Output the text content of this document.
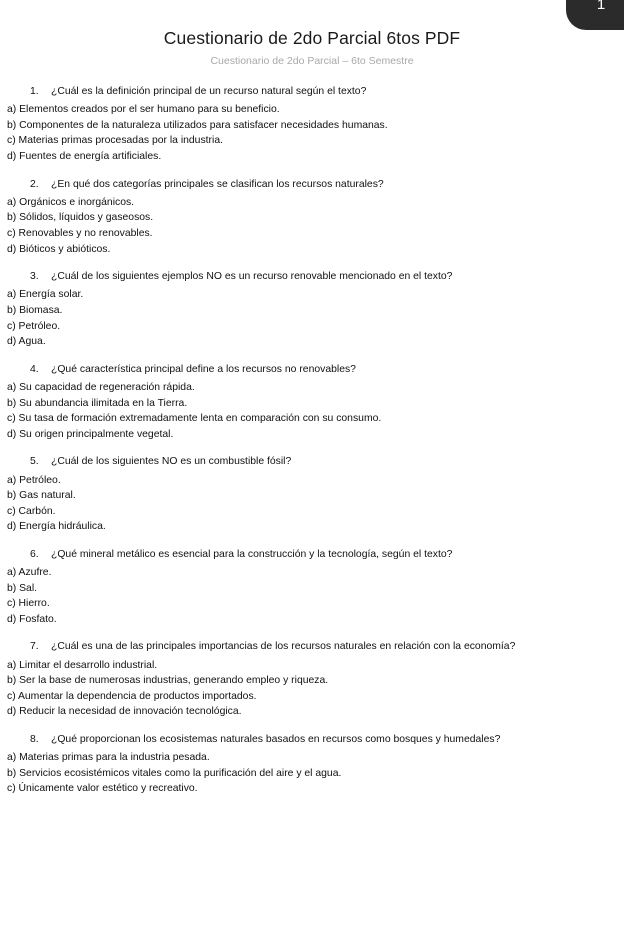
1
Cuestionario de 2do Parcial 6tos PDF
Cuestionario de 2do Parcial – 6to Semestre
1.	¿Cuál es la definición principal de un recurso natural según el texto?
a) Elementos creados por el ser humano para su beneficio.
b) Componentes de la naturaleza utilizados para satisfacer necesidades humanas.
c) Materias primas procesadas por la industria.
d) Fuentes de energía artificiales.
2.	¿En qué dos categorías principales se clasifican los recursos naturales?
a) Orgánicos e inorgánicos.
b) Sólidos, líquidos y gaseosos.
c) Renovables y no renovables.
d) Bióticos y abióticos.
3.	¿Cuál de los siguientes ejemplos NO es un recurso renovable mencionado en el texto?
a) Energía solar.
b) Biomasa.
c) Petróleo.
d) Agua.
4.	¿Qué característica principal define a los recursos no renovables?
a) Su capacidad de regeneración rápida.
b) Su abundancia ilimitada en la Tierra.
c) Su tasa de formación extremadamente lenta en comparación con su consumo.
d) Su origen principalmente vegetal.
5.	¿Cuál de los siguientes NO es un combustible fósil?
a) Petróleo.
b) Gas natural.
c) Carbón.
d) Energía hidráulica.
6.	¿Qué mineral metálico es esencial para la construcción y la tecnología, según el texto?
a) Azufre.
b) Sal.
c) Hierro.
d) Fosfato.
7.	¿Cuál es una de las principales importancias de los recursos naturales en relación con la economía?
a) Limitar el desarrollo industrial.
b) Ser la base de numerosas industrias, generando empleo y riqueza.
c) Aumentar la dependencia de productos importados.
d) Reducir la necesidad de innovación tecnológica.
8.	¿Qué proporcionan los ecosistemas naturales basados en recursos como bosques y humedales?
a) Materias primas para la industria pesada.
b) Servicios ecosistémicos vitales como la purificación del aire y el agua.
c) Únicamente valor estético y recreativo.
